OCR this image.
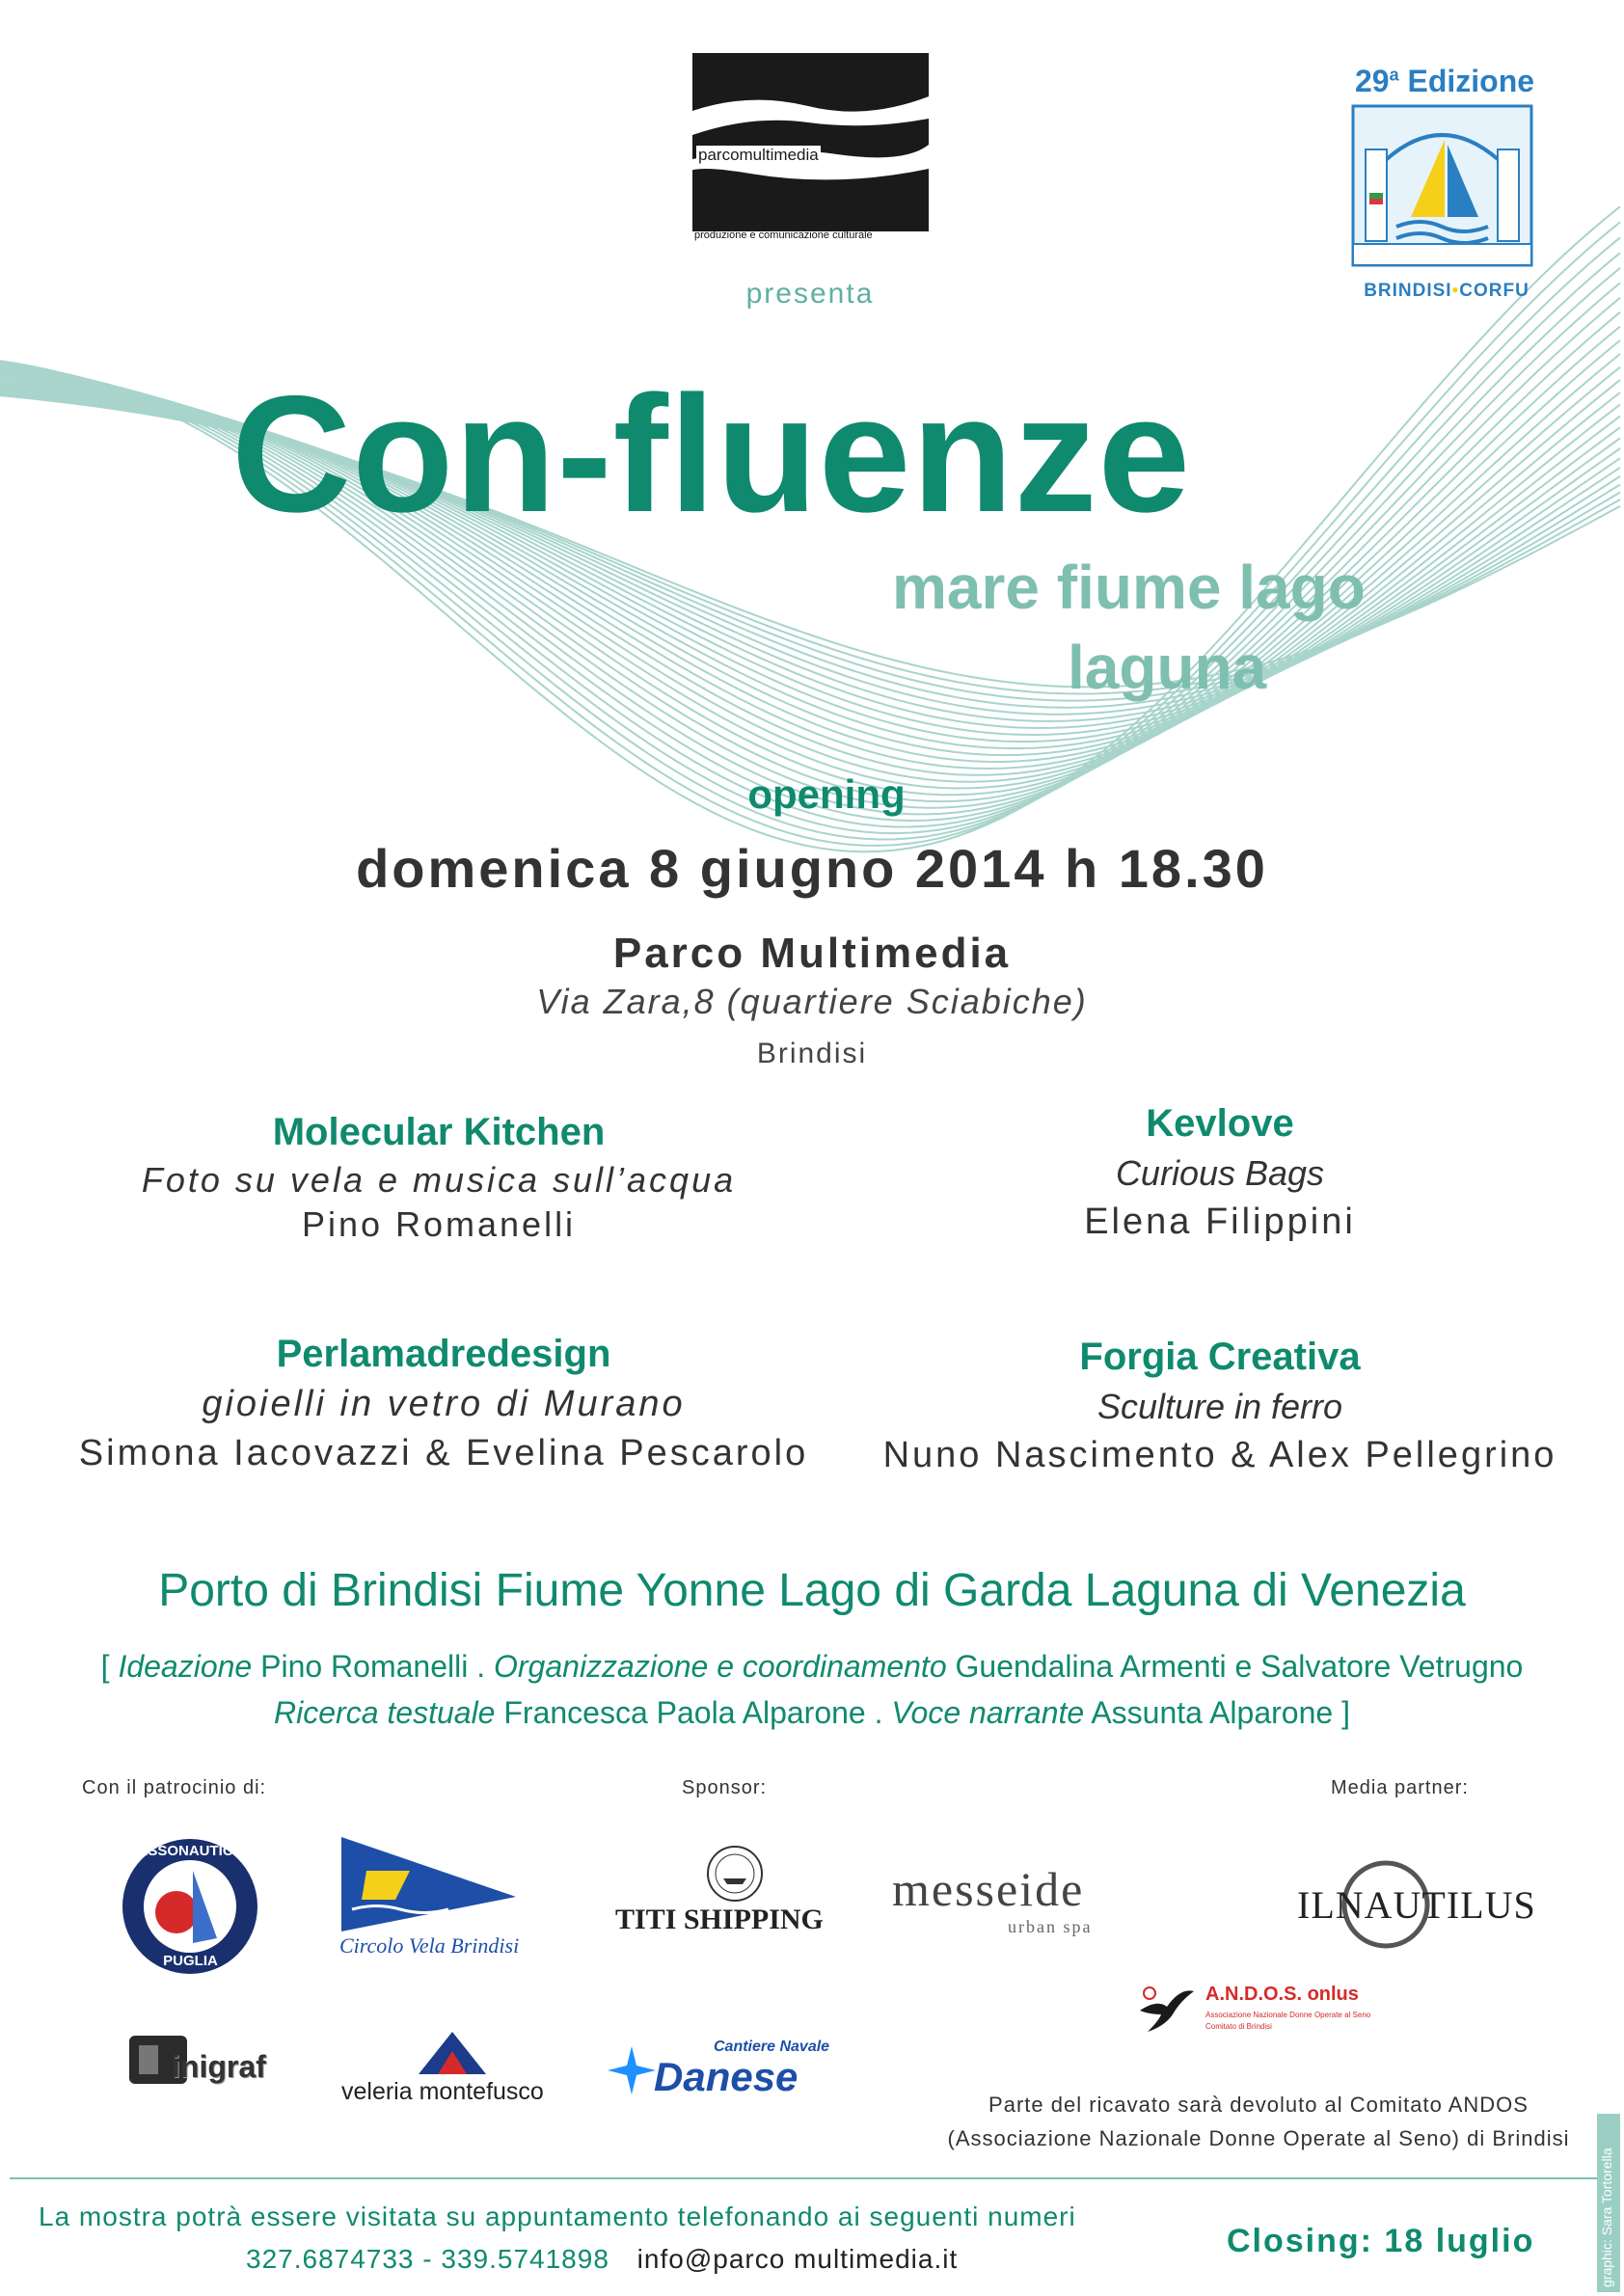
parcomultimedia
produzione e comunicazione culturale
presenta
29$^a$ Edizione
BRINDISI•CORFU
Con-fluenze
mare fiume lago
laguna
opening
domenica 8 giugno 2014 h 18.30
Parco Multimedia
Via Zara,8 (quartiere Sciabiche)
Brindisi
Molecular Kitchen
Foto su vela e musica sull’acqua
Pino Romanelli
Kevlove
Curious Bags
Elena Filippini
Perlamadredesign
gioielli in vetro di Murano
Simona Iacovazzi & Evelina Pescarolo
Forgia Creativa
Sculture in ferro
Nuno Nascimento & Alex Pellegrino
Porto di Brindisi Fiume Yonne Lago di Garda Laguna di Venezia
[ Ideazione Pino Romanelli . Organizzazione e coordinamento Guendalina Armenti e Salvatore Vetrugno
Ricerca testuale Francesca Paola Alparone . Voce narrante Assunta Alparone ]
Con il patrocinio di:	Sponsor:	Media partner:
ASSONAUTICA
PUGLIA
Circolo Vela Brindisi
TITI SHIPPING
messeide
urban spa	ILNAUTILUS
inigraf
veleria montefusco
Cantiere Navale
Danese
A.N.D.O.S. onlus
Associazione Nazionale Donne Operate al Seno
Comitato di Brindisi
Parte del ricavato sarà devoluto al Comitato ANDOS
(Associazione Nazionale Donne Operate al Seno) di Brindisi
La mostra potrà essere visitata su appuntamento telefonando ai seguenti numeri
327.6874733 - 339.5741898 info@parco multimedia.it	Closing: 18 luglio	graphic: Sara Tortorella
